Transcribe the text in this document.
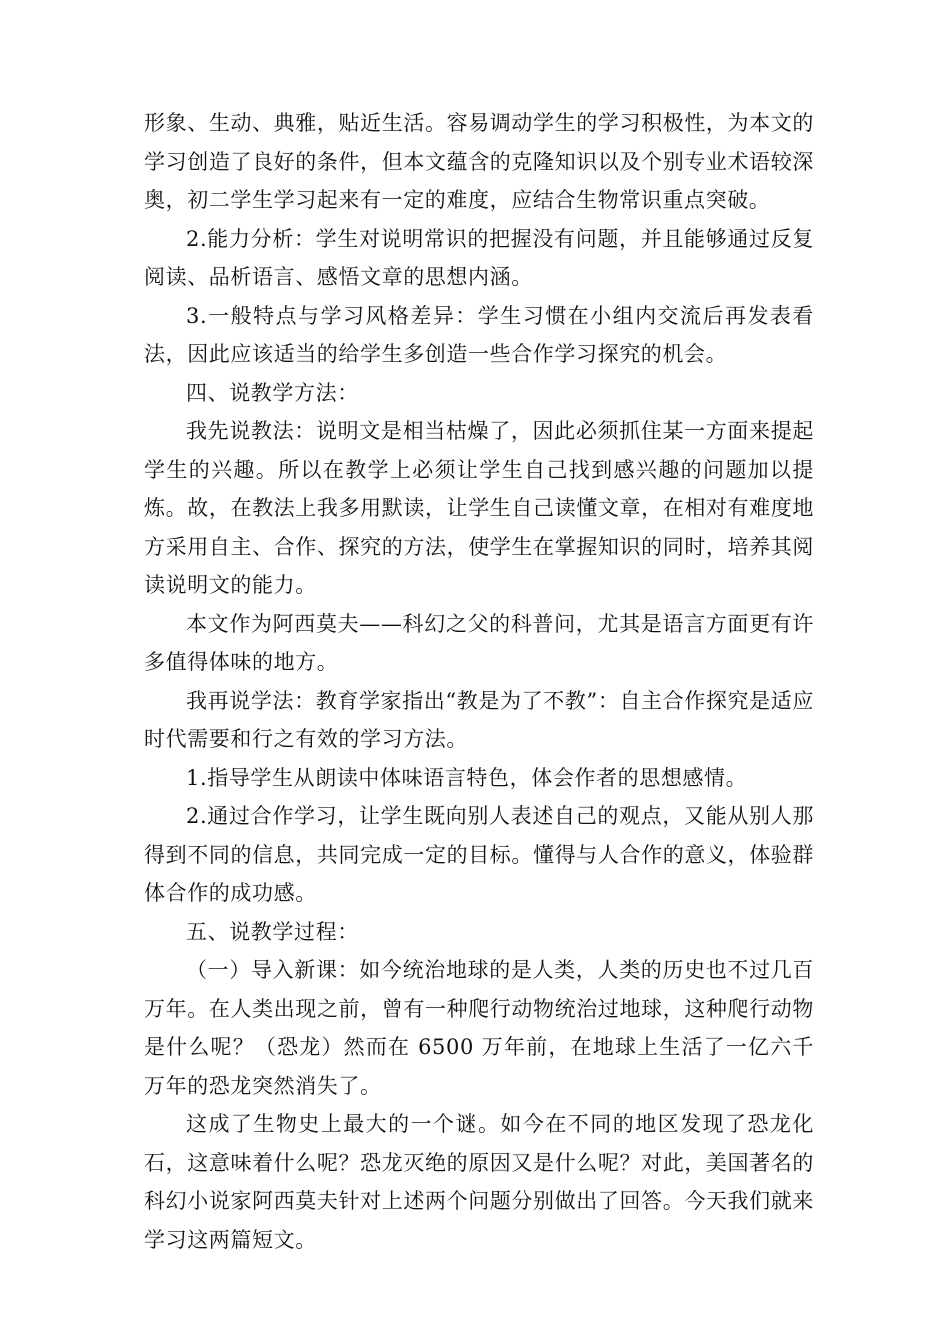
形象、生动、典雅，贴近生活。容易调动学生的学习积极性，为本文的学习创造了良好的条件，但本文蕴含的克隆知识以及个别专业术语较深奥，初二学生学习起来有一定的难度，应结合生物常识重点突破。

2.能力分析：学生对说明常识的把握没有问题，并且能够通过反复阅读、品析语言、感悟文章的思想内涵。

3.一般特点与学习风格差异：学生习惯在小组内交流后再发表看法，因此应该适当的给学生多创造一些合作学习探究的机会。

四、说教学方法：

我先说教法：说明文是相当枯燥了，因此必须抓住某一方面来提起学生的兴趣。所以在教学上必须让学生自己找到感兴趣的问题加以提炼。故，在教法上我多用默读，让学生自己读懂文章，在相对有难度地方采用自主、合作、探究的方法，使学生在掌握知识的同时，培养其阅读说明文的能力。

本文作为阿西莫夫——科幻之父的科普问，尤其是语言方面更有许多值得体味的地方。

我再说学法：教育学家指出“教是为了不教”：自主合作探究是适应时代需要和行之有效的学习方法。

1.指导学生从朗读中体味语言特色，体会作者的思想感情。

2.通过合作学习，让学生既向别人表述自己的观点，又能从别人那得到不同的信息，共同完成一定的目标。懂得与人合作的意义，体验群体合作的成功感。

五、说教学过程：

（一）导入新课：如今统治地球的是人类，人类的历史也不过几百万年。在人类出现之前，曾有一种爬行动物统治过地球，这种爬行动物是什么呢？（恐龙）然而在 6500 万年前，在地球上生活了一亿六千万年的恐龙突然消失了。

这成了生物史上最大的一个谜。如今在不同的地区发现了恐龙化石，这意味着什么呢？恐龙灭绝的原因又是什么呢？对此，美国著名的科幻小说家阿西莫夫针对上述两个问题分别做出了回答。今天我们就来学习这两篇短文。
